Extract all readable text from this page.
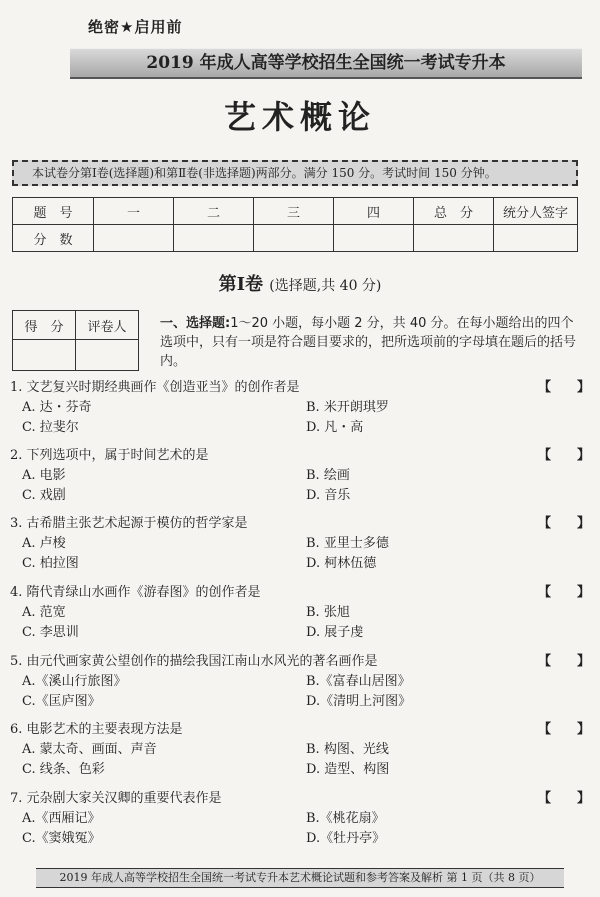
绝密★启用前
2019 年成人高等学校招生全国统一考试专升本
艺术概论
本试卷分第Ⅰ卷(选择题)和第Ⅱ卷(非选择题)两部分。满分 150 分。考试时间 150 分钟。
题　号	一	二	三	四	总　分	统分人签字
分　数						
第Ⅰ卷 (选择题,共 40 分)
得　分	评卷人
		一、选择题:1～20 小题，每小题 2 分，共 40 分。在每小题给出的四个选项中，只有一项是符合题目要求的，把所选项前的字母填在题后的括号内。
1. 文艺复兴时期经典画作《创造亚当》的创作者是	【　　】
A. 达・芬奇	B. 米开朗琪罗
C. 拉斐尔	D. 凡・高
2. 下列选项中，属于时间艺术的是	【　　】
A. 电影	B. 绘画
C. 戏剧	D. 音乐
3. 古希腊主张艺术起源于模仿的哲学家是	【　　】
A. 卢梭	B. 亚里士多德
C. 柏拉图	D. 柯林伍德
4. 隋代青绿山水画作《游春图》的创作者是	【　　】
A. 范宽	B. 张旭
C. 李思训	D. 展子虔
5. 由元代画家黄公望创作的描绘我国江南山水风光的著名画作是	【　　】
A.《溪山行旅图》	B.《富春山居图》
C.《匡庐图》	D.《清明上河图》
6. 电影艺术的主要表现方法是	【　　】
A. 蒙太奇、画面、声音	B. 构图、光线
C. 线条、色彩	D. 造型、构图
7. 元杂剧大家关汉卿的重要代表作是	【　　】
A.《西厢记》	B.《桃花扇》
C.《窦娥冤》	D.《牡丹亭》
2019 年成人高等学校招生全国统一考试专升本艺术概论试题和参考答案及解析 第 1 页（共 8 页）
